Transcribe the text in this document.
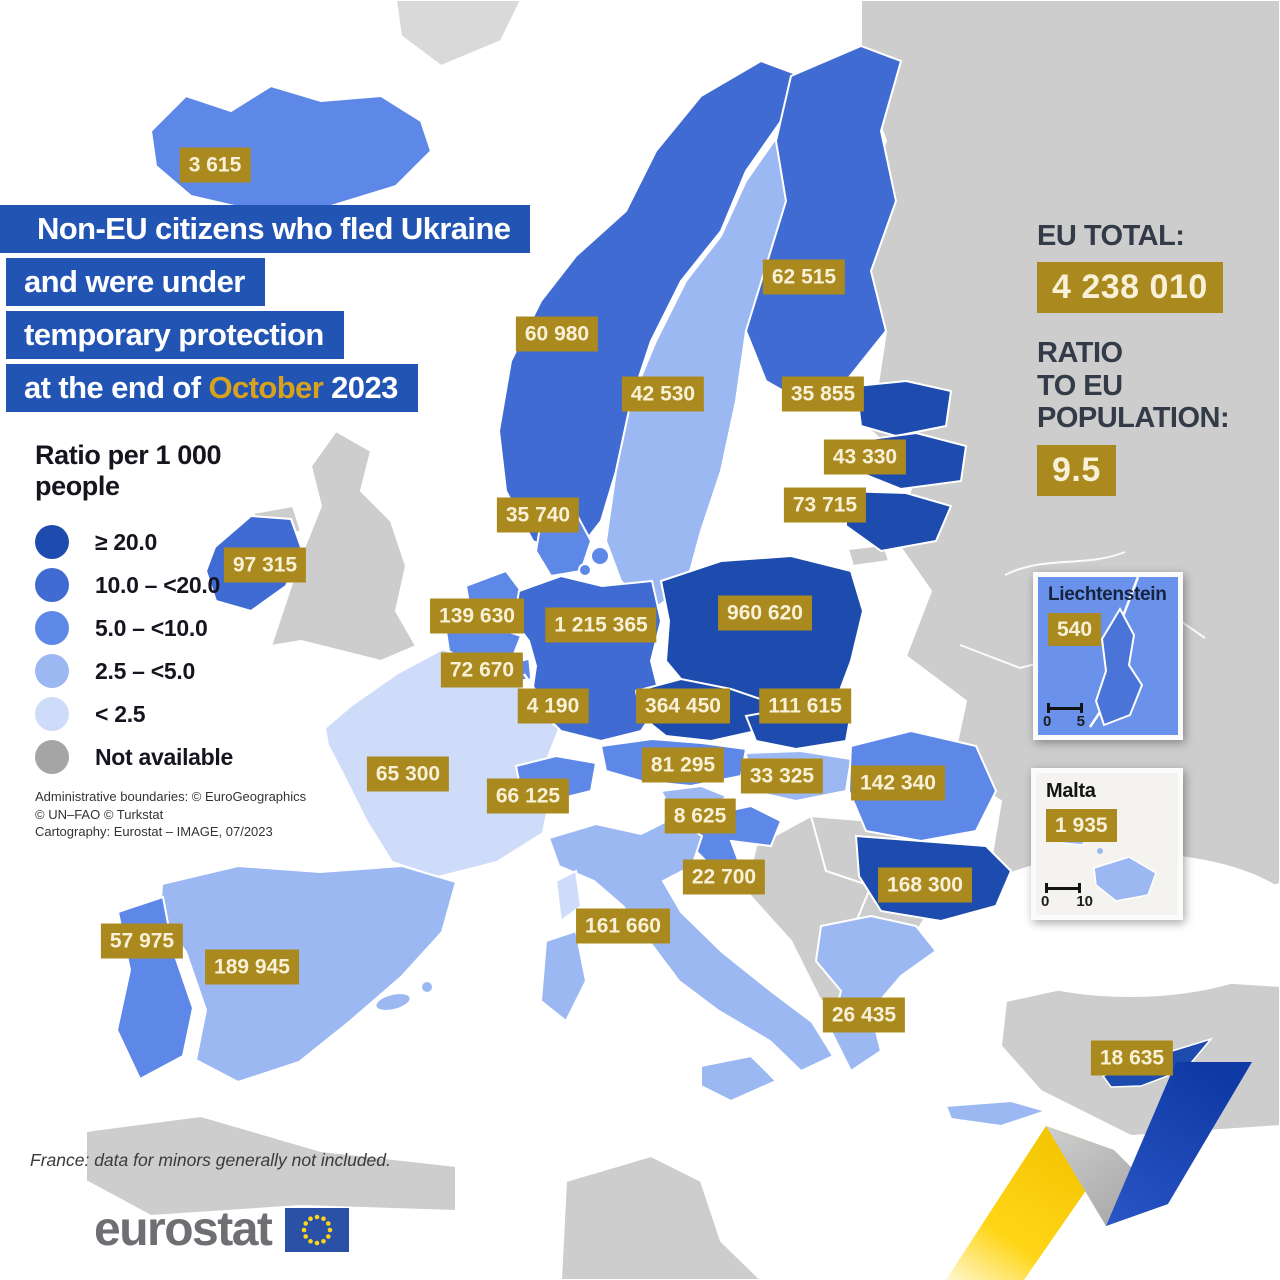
Non-EU citizens who fled Ukraine
and were under
temporary protection
at the end of October 2023
Ratio per 1 000
people
≥ 20.0
10.0 – <20.0
5.0 – <10.0
2.5 – <5.0
< 2.5
Not available
Administrative boundaries: © EuroGeographics
© UN–FAO © Turkstat
Cartography: Eurostat – IMAGE, 07/2023
EU TOTAL:
4 238 010
RATIO
TO EU
POPULATION:
9.5
Liechtenstein
540
0 5
Malta
1 935
0 10
France: data for minors generally not included.
eurostat
3 615
60 980
42 530
62 515
35 855
43 330
73 715
35 740
97 315
139 630	1 215 365
960 620
72 670
4 190	364 450	111 615
81 295	33 325
66 125
65 300
8 625
22 700
142 340
168 300
161 660
57 975
189 945
26 435
18 635
